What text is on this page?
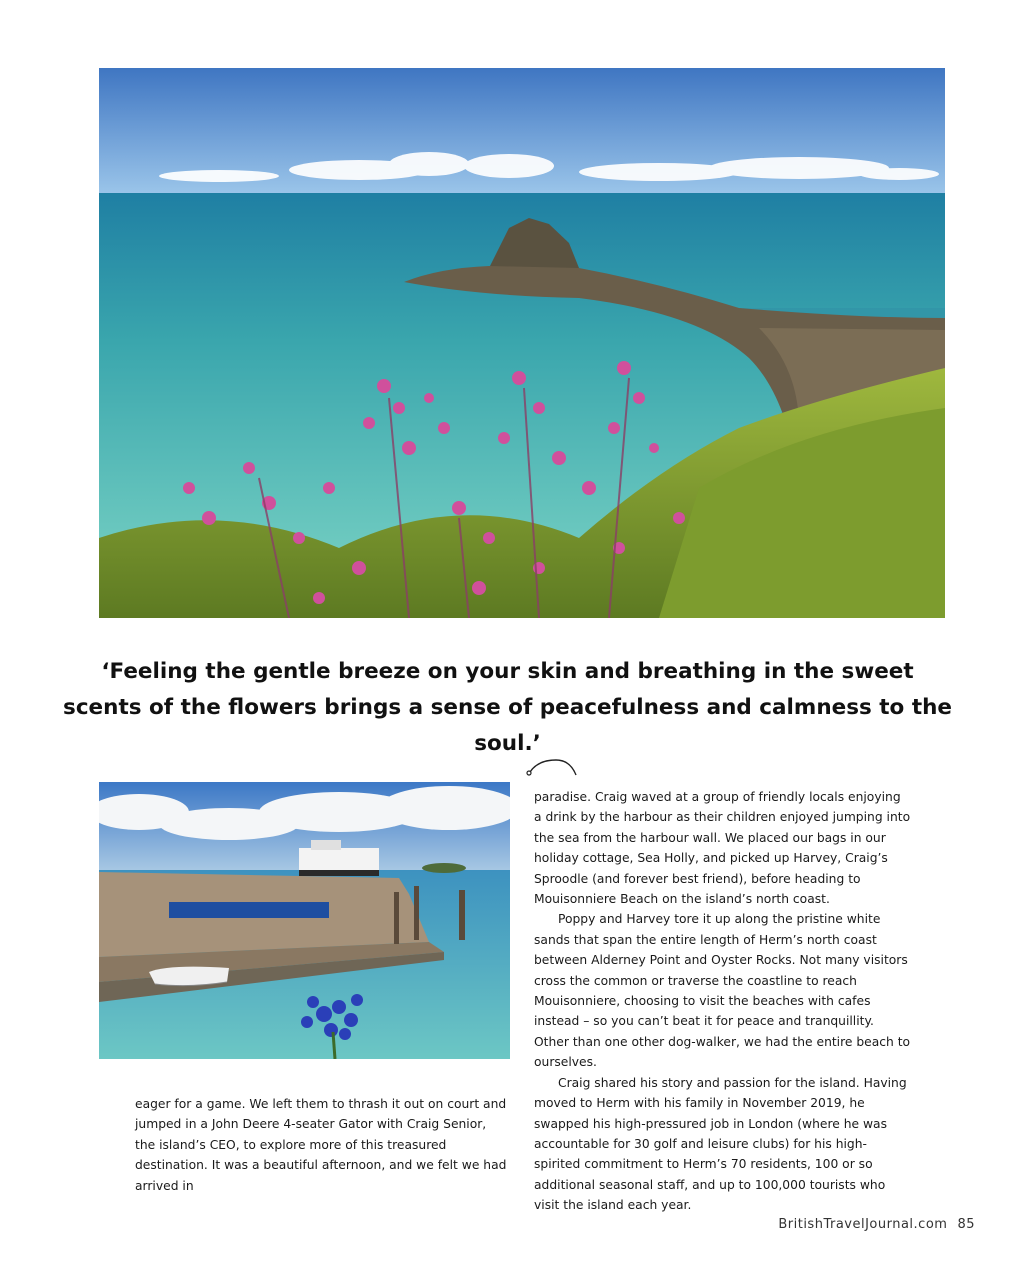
‘Feeling the gentle breeze on your skin and breathing in the sweet scents of the flowers brings a sense of peacefulness and calmness to the soul.’

eager for a game. We left them to thrash it out on court and jumped in a John Deere 4-seater Gator with Craig Senior, the island’s CEO, to explore more of this treasured destination. It was a beautiful afternoon, and we felt we had arrived in

paradise. Craig waved at a group of friendly locals enjoying a drink by the harbour as their children enjoyed jumping into the sea from the harbour wall. We placed our bags in our holiday cottage, Sea Holly, and picked up Harvey, Craig’s Sproodle (and forever best friend), before heading to Mouisonniere Beach on the island’s north coast.

Poppy and Harvey tore it up along the pristine white sands that span the entire length of Herm’s north coast between Alderney Point and Oyster Rocks. Not many visitors cross the common or traverse the coastline to reach Mouisonniere, choosing to visit the beaches with cafes instead – so you can’t beat it for peace and tranquillity. Other than one other dog-walker, we had the entire beach to ourselves.

Craig shared his story and passion for the island. Having moved to Herm with his family in November 2019, he swapped his high-pressured job in London (where he was accountable for 30 golf and leisure clubs) for his high-spirited commitment to Herm’s 70 residents, 100 or so additional seasonal staff, and up to 100,000 tourists who visit the island each year.

BritishTravelJournal.com 85
